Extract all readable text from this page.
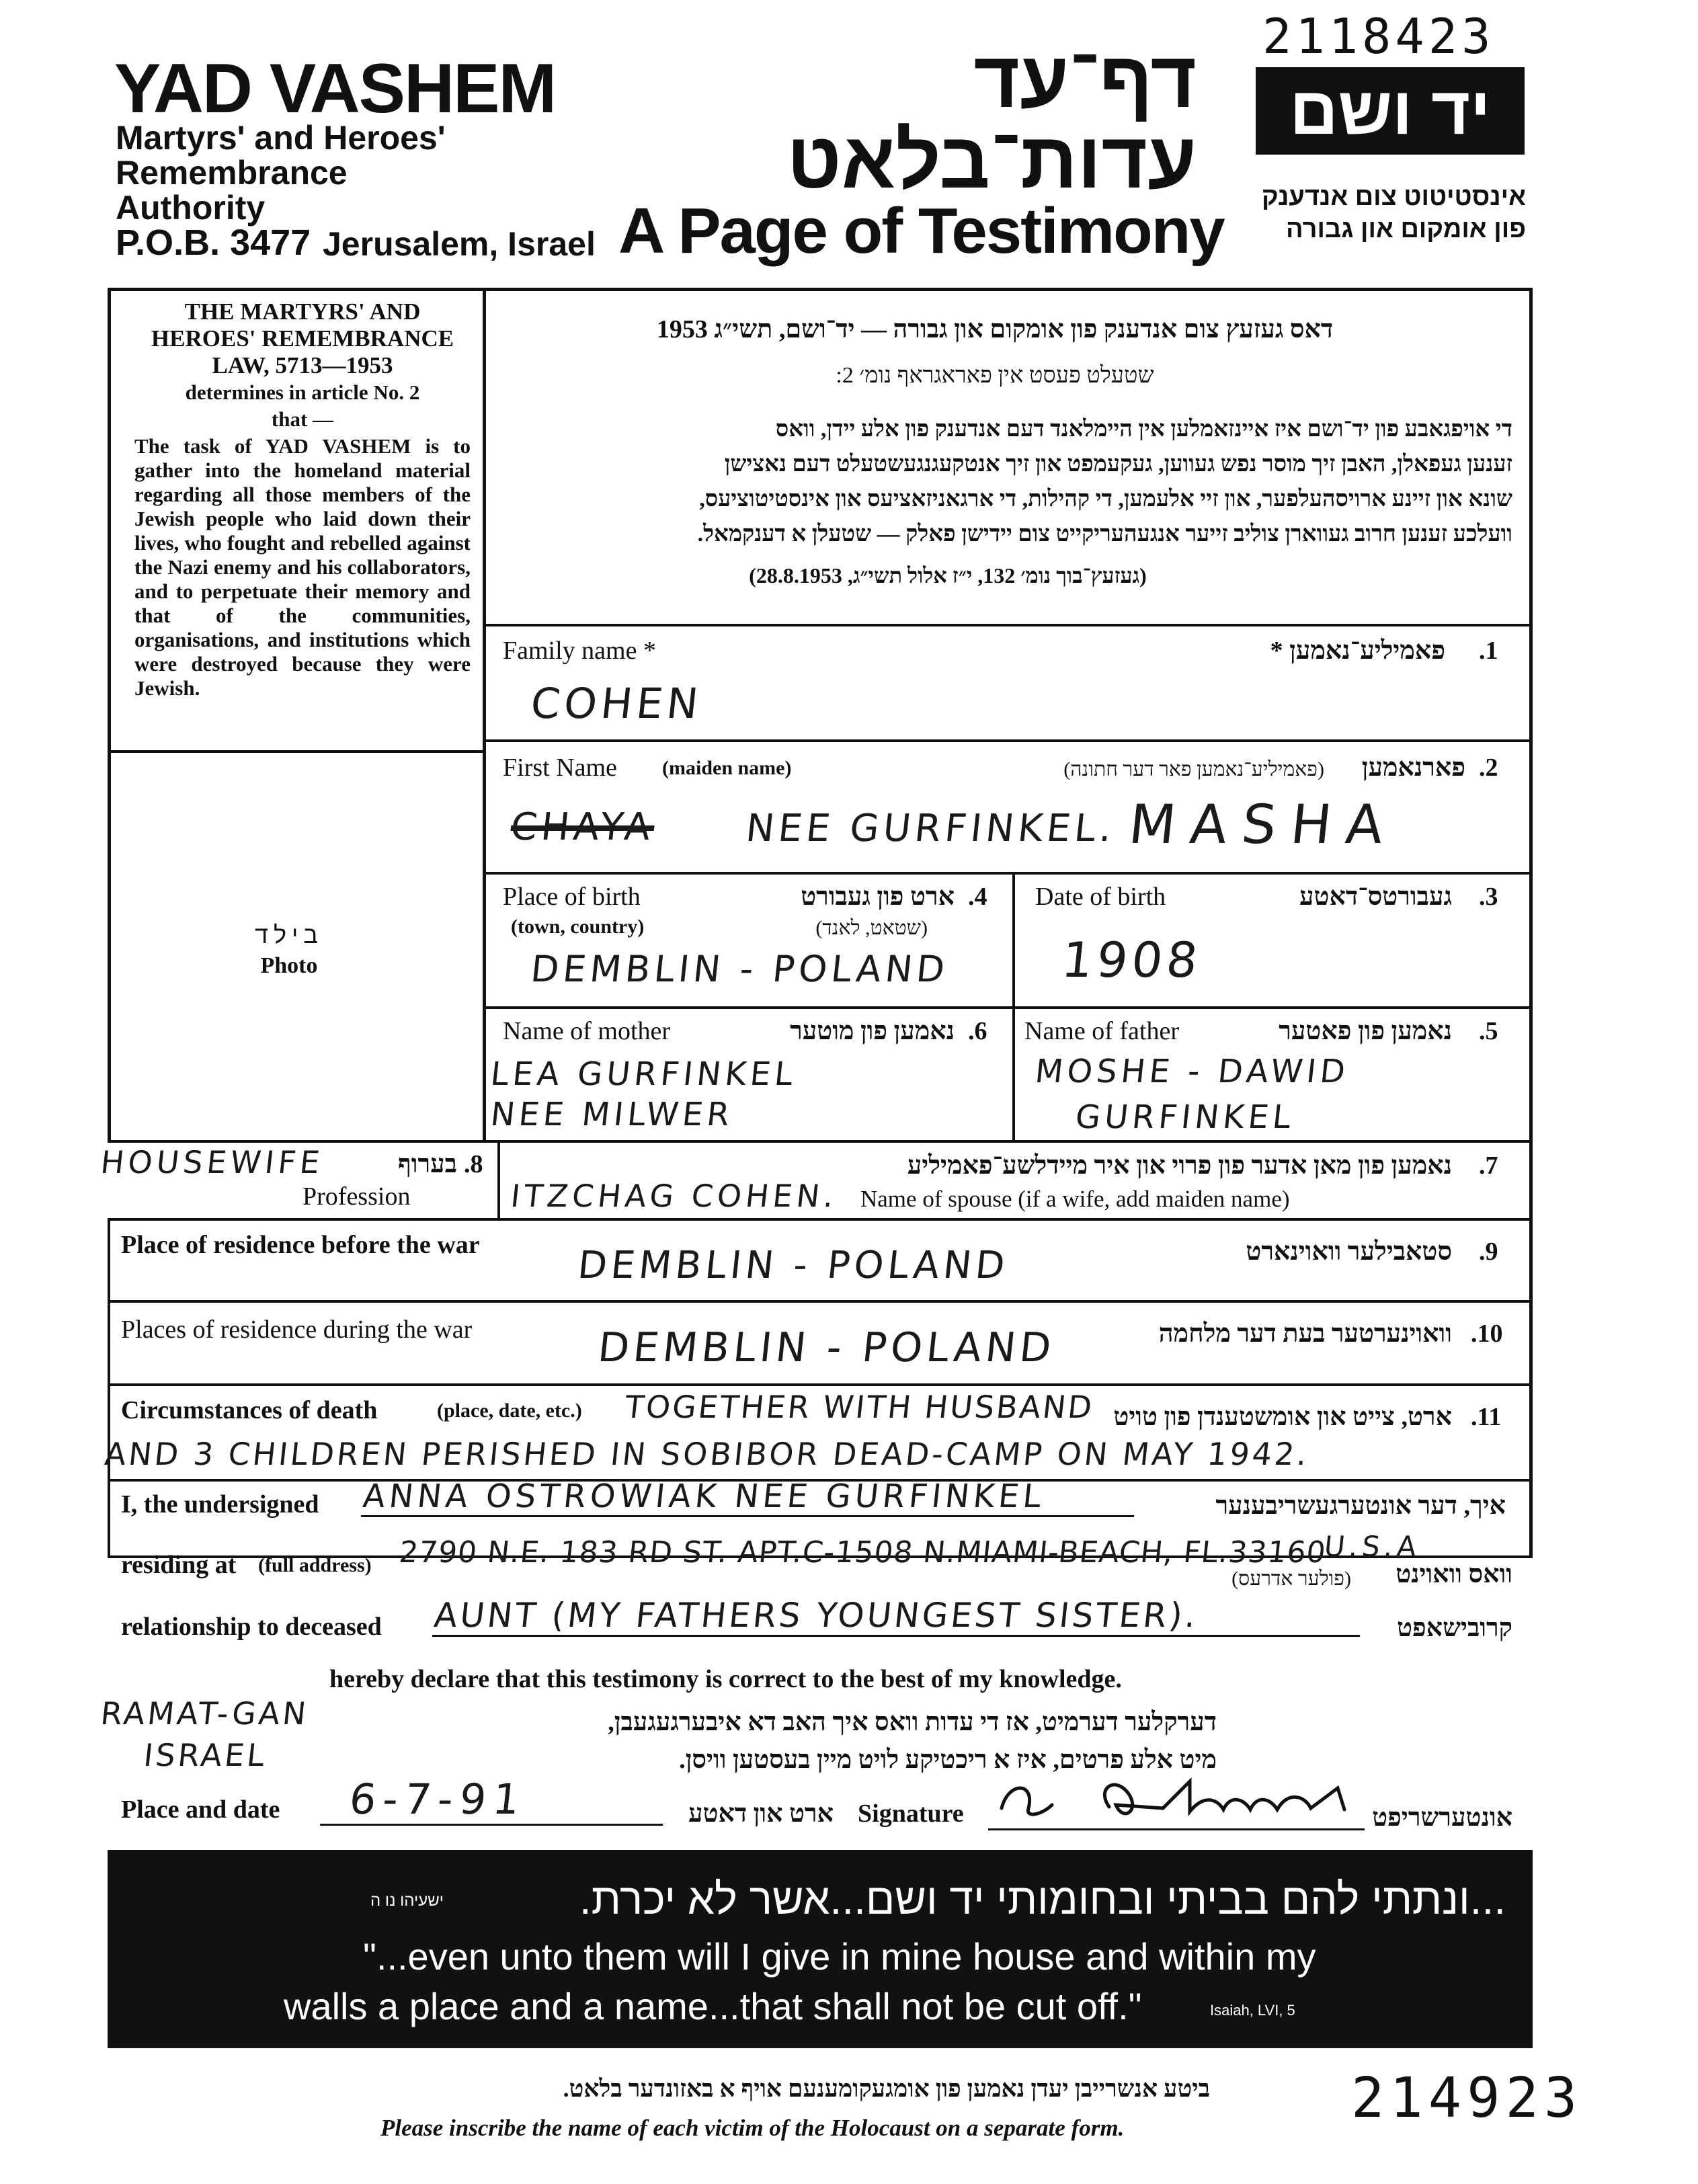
2118423
YAD VASHEM
Martyrs' and Heroes'
Remembrance
Authority
P.O.B. 3477 Jerusalem, Israel
דף־עד
עדות־בלאט
A Page of Testimony
יד ושם
אינסטיטוט צום אנדענק
פון אומקום און גבורה
THE MARTYRS' AND
HEROES' REMEMBRANCE
LAW, 5713—1953
determines in article No. 2
that —
The task of YAD VASHEM is to gather into the homeland material regarding all those members of the Jewish people who laid down their lives, who fought and rebelled against the Nazi enemy and his collaborators, and to perpetuate their memory and that of the communities, organisations, and institutions which were destroyed because they were Jewish.
בילד
Photo
דאס געזעץ צום אנדענק פון אומקום און גבורה — יד־ושם, תשי״ג 1953
שטעלט פעסט אין פאראגראף נומ׳ 2:
די אויפגאבע פון יד־ושם איז איינזאמלען אין היימלאנד דעם אנדענק פון אלע יידן, וואס
זענען געפאלן, האבן זיך מוסר נפש געווען, געקעמפט און זיך אנטקעגנגעשטעלט דעם נאצישן
שונא און זיינע ארויסהעלפער, און זיי אלעמען, די קהילות, די ארגאניזאציעס און אינסטיטוציעס,
וועלכע זענען חרוב געווארן צוליב זייער אנגעהעריקייט צום יידישן פאלק — שטעלן א דענקמאל.
(געזעץ־בוך נומ׳ 132, י״ז אלול תשי״ג, 28.8.1953)
Family name *	פאמיליע־נאמען * .1
COHEN
First Name (maiden name)	(פאמיליע־נאמען פאר דער חתונה)	פארנאמען .2
CHAYA NEE GURFINKEL. MASHA
Place of birth	ארט פון געבורט .4
(town, country)	(שטאט, לאנד)
DEMBLIN - POLAND
Date of birth	געבורטס־דאטע .3
1908
Name of mother	נאמען פון מוטער .6
LEA GURFINKEL
NEE MILWER
Name of father	נאמען פון פאטער .5
MOSHE - DAWID
GURFINKEL
HOUSEWIFE	בערוף .8
Profession
נאמען פון מאן אדער פון פרוי און איר מיידלשע־פאמיליע .7
ITZCHAG COHEN. Name of spouse (if a wife, add maiden name)
Place of residence before the war	DEMBLIN - POLAND	סטאבילער וואוינארט .9
Places of residence during the war	DEMBLIN - POLAND	וואוינערטער בעת דער מלחמה .10
Circumstances of death	(place, date, etc.) TOGETHER WITH HUSBAND ארט, צייט און אומשטענדן פון טויט .11
AND 3 CHILDREN PERISHED IN SOBIBOR DEAD-CAMP ON MAY 1942.
I, the undersigned ANNA OSTROWIAK NEE GURFINKEL	איך, דער אונטערגעשריבענער
residing at (full address) 2790 N.E. 183 RD ST. APT.C-1508 N.MIAMI-BEACH, FL.33160
U.S.A
(פולער אדרעס)	וואס וואוינט
relationship to deceased AUNT (MY FATHERS YOUNGEST SISTER).	קרובישאפט
hereby declare that this testimony is correct to the best of my knowledge.
דערקלער דערמיט, אז די עדות וואס איך האב דא איבערגעגעבן,
מיט אלע פרטים, איז א ריכטיקע לויט מיין בעסטען וויסן.
RAMAT-GAN
ISRAEL
Place and date	6-7-91	ארט און דאטע Signature	אונטערשריפט
...ונתתי להם בביתי ובחומותי יד ושם...אשר לא יכרת.
ישעיהו נו ה
"...even unto them will I give in mine house and within my
walls a place and a name...that shall not be cut off."	Isaiah, LVI, 5
ביטע אנשרייבן יעדן נאמען פון אומגעקומענעם אויף א באזונדער בלאט.
Please inscribe the name of each victim of the Holocaust on a separate form.	214923
